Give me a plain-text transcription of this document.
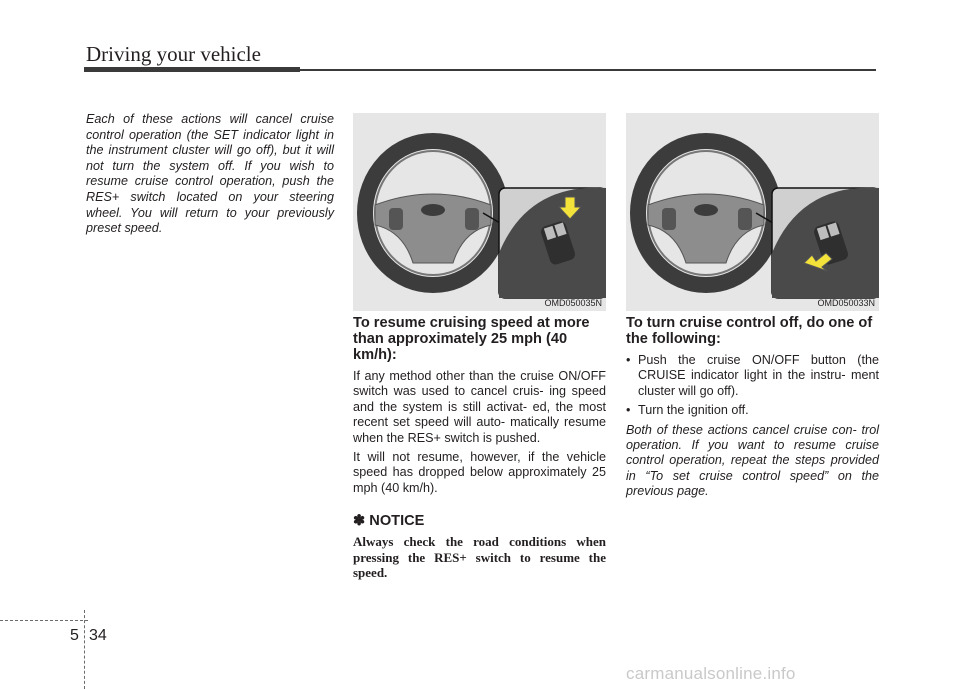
Driving your vehicle
Each of these actions will cancel cruise control operation (the SET indicator light in the instrument cluster will go off), but it will not turn the system off. If you wish to resume cruise control operation, push the RES+ switch located on your steering wheel. You will return to your previously preset speed.
OMD050035N	OMD050033N
To resume cruising speed at more than approximately 25 mph (40 km/h):
If any method other than the cruise ON/OFF switch was used to cancel cruis- ing speed and the system is still activat- ed, the most recent set speed will auto- matically resume when the RES+ switch is pushed.
It will not resume, however, if the vehicle speed has dropped below approximately 25 mph (40 km/h).
✽ NOTICE
Always check the road conditions when pressing the RES+ switch to resume the speed.
To turn cruise control off, do one of the following:
• Push the cruise ON/OFF button (the CRUISE indicator light in the instru- ment cluster will go off).
• Turn the ignition off.
Both of these actions cancel cruise con- trol operation. If you want to resume cruise control operation, repeat the steps provided in “To set cruise control speed” on the previous page.
5 34
carmanualsonline.info
